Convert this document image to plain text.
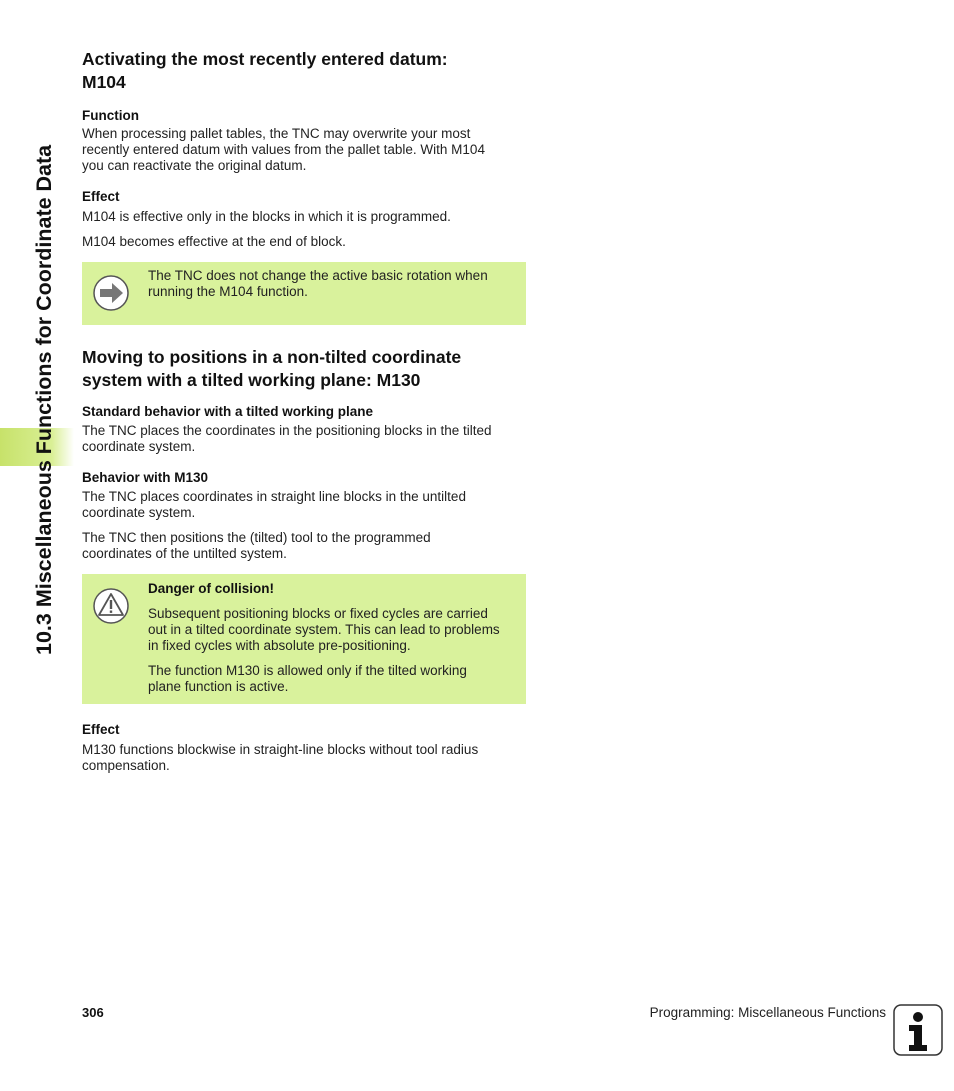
10.3 Miscellaneous Functions for Coordinate Data
Activating the most recently entered datum:
M104
Function

When processing pallet tables, the TNC may overwrite your most
recently entered datum with values from the pallet table. With M104
you can reactivate the original datum.

Effect

M104 is effective only in the blocks in which it is programmed.

M104 becomes effective at the end of block.

The TNC does not change the active basic rotation when

running the M104 function.

Moving to positions in a non-tilted coordinate
system with a tilted working plane: M130
Standard behavior with a tilted working plane

The TNC places the coordinates in the positioning blocks in the tilted
coordinate system.

Behavior with M130

The TNC places coordinates in straight line blocks in the untilted
coordinate system.

The TNC then positions the (tilted) tool to the programmed
coordinates of the untilted system.

Danger of collision!

Subsequent positioning blocks or fixed cycles are carried
out in a tilted coordinate system. This can lead to problems
in fixed cycles with absolute pre-positioning.

The function M130 is allowed only if the tilted working
plane function is active.

Effect

M130 functions blockwise in straight-line blocks without tool radius
compensation.

306	Programming: Miscellaneous Functions
